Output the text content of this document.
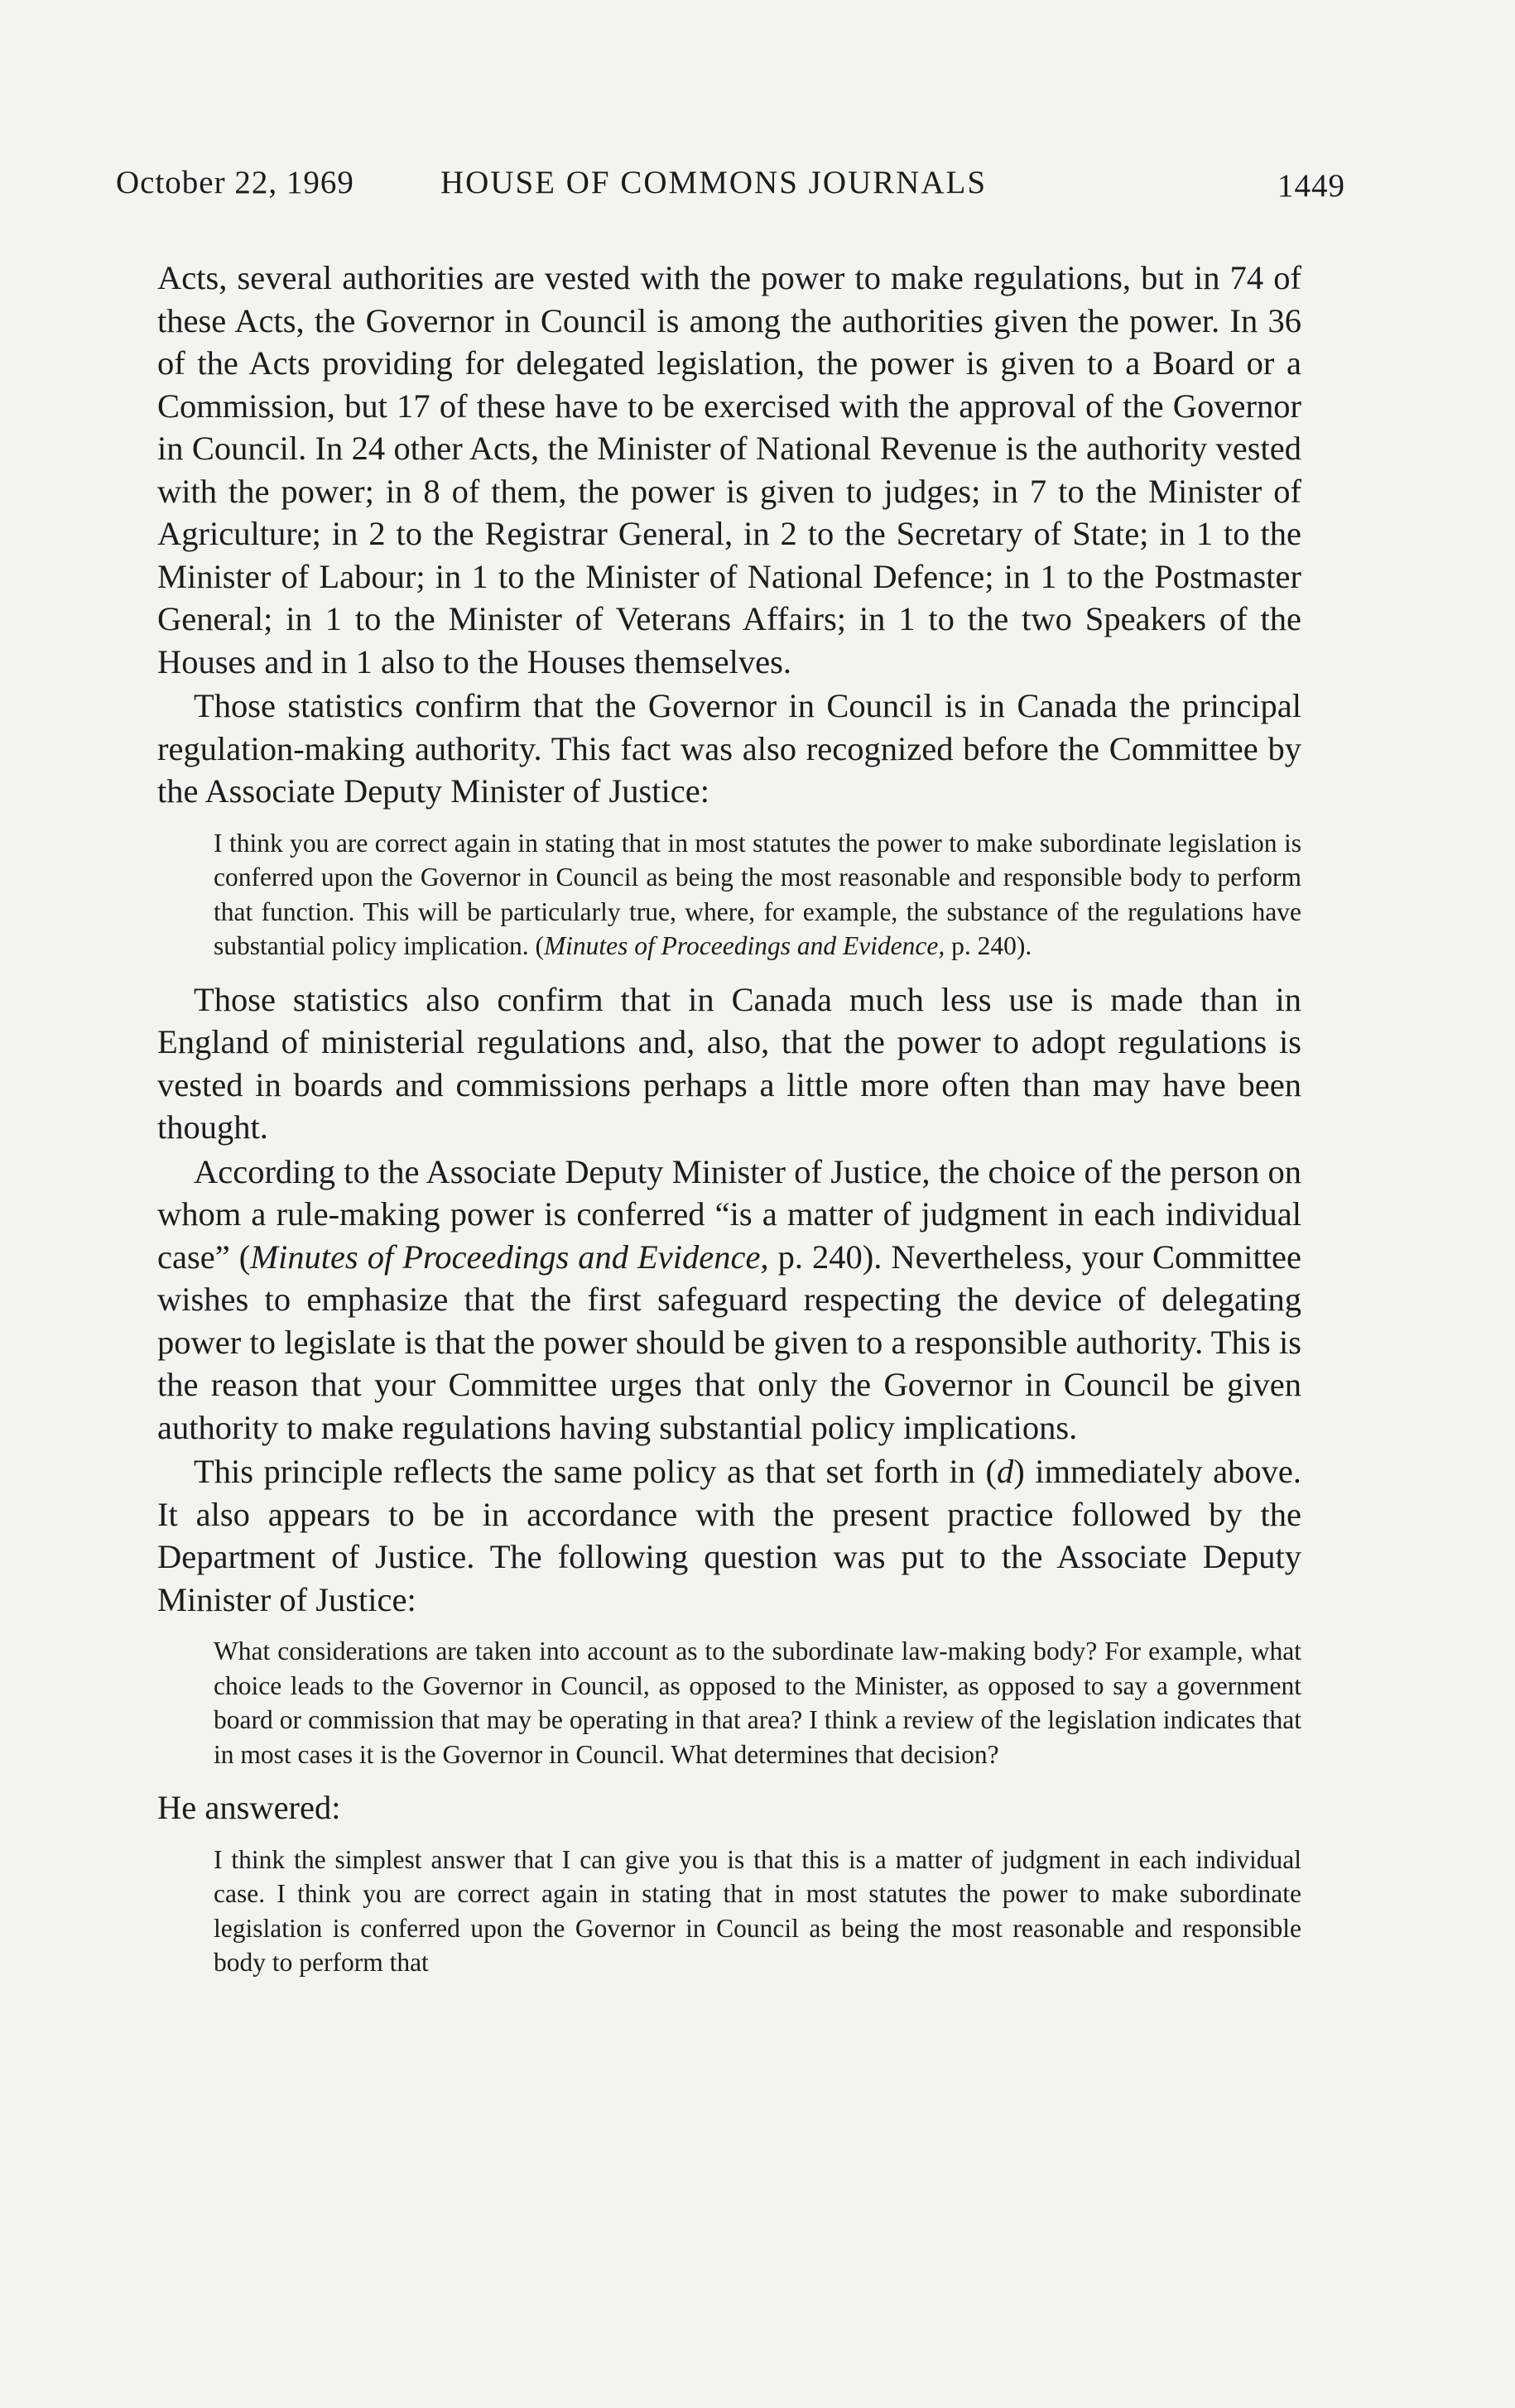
October 22, 1969	HOUSE OF COMMONS JOURNALS	1449

Acts, several authorities are vested with the power to make regulations, but in 74 of these Acts, the Governor in Council is among the authorities given the power. In 36 of the Acts providing for delegated legislation, the power is given to a Board or a Commission, but 17 of these have to be exercised with the approval of the Governor in Council. In 24 other Acts, the Minister of National Revenue is the authority vested with the power; in 8 of them, the power is given to judges; in 7 to the Minister of Agriculture; in 2 to the Registrar General, in 2 to the Secretary of State; in 1 to the Minister of Labour; in 1 to the Minister of National Defence; in 1 to the Postmaster General; in 1 to the Minister of Veterans Affairs; in 1 to the two Speakers of the Houses and in 1 also to the Houses themselves.

Those statistics confirm that the Governor in Council is in Canada the principal regulation-making authority. This fact was also recognized before the Committee by the Associate Deputy Minister of Justice:

I think you are correct again in stating that in most statutes the power to make subordinate legislation is conferred upon the Governor in Council as being the most reasonable and responsible body to perform that function. This will be particularly true, where, for example, the substance of the regulations have substantial policy implication. (Minutes of Proceedings and Evidence, p. 240).

Those statistics also confirm that in Canada much less use is made than in England of ministerial regulations and, also, that the power to adopt regulations is vested in boards and commissions perhaps a little more often than may have been thought.

According to the Associate Deputy Minister of Justice, the choice of the person on whom a rule-making power is conferred “is a matter of judgment in each individual case” (Minutes of Proceedings and Evidence, p. 240). Nevertheless, your Committee wishes to emphasize that the first safeguard respecting the device of delegating power to legislate is that the power should be given to a responsible authority. This is the reason that your Committee urges that only the Governor in Council be given authority to make regulations having substantial policy implications.

This principle reflects the same policy as that set forth in (d) immediately above. It also appears to be in accordance with the present practice followed by the Department of Justice. The following question was put to the Associate Deputy Minister of Justice:

What considerations are taken into account as to the subordinate law-making body? For example, what choice leads to the Governor in Council, as opposed to the Minister, as opposed to say a government board or commission that may be operating in that area? I think a review of the legislation indicates that in most cases it is the Governor in Council. What determines that decision?

He answered:

I think the simplest answer that I can give you is that this is a matter of judgment in each individual case. I think you are correct again in stating that in most statutes the power to make subordinate legislation is conferred upon the Governor in Council as being the most reasonable and responsible body to perform that
